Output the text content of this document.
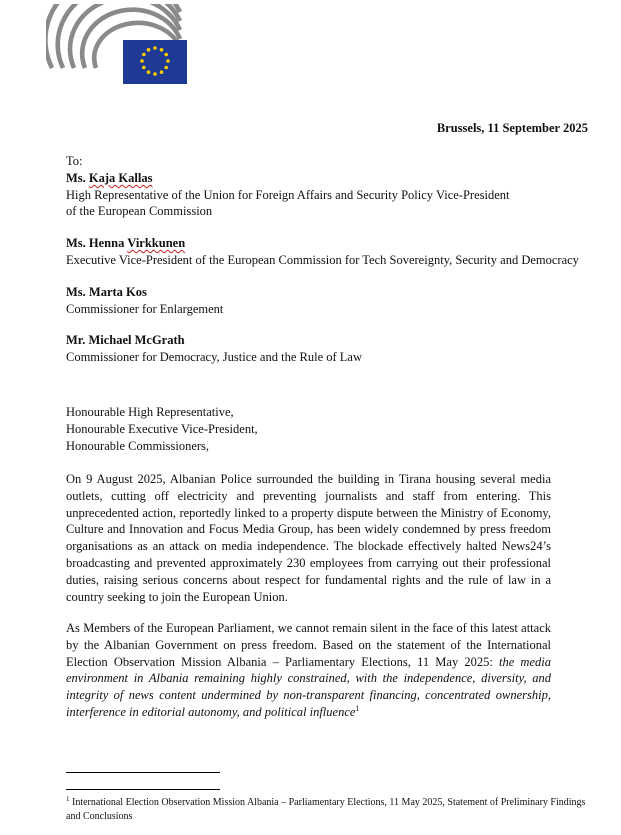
Brussels, 11 September 2025
To:
Ms. Kaja Kallas
High Representative of the Union for Foreign Affairs and Security Policy Vice-President
of the European Commission
Ms. Henna Virkkunen
Executive Vice-President of the European Commission for Tech Sovereignty, Security and Democracy
Ms. Marta Kos
Commissioner for Enlargement
Mr. Michael McGrath
Commissioner for Democracy, Justice and the Rule of Law
Honourable High Representative,
Honourable Executive Vice-President,
Honourable Commissioners,

On 9 August 2025, Albanian Police surrounded the building in Tirana housing several media outlets, cutting off electricity and preventing journalists and staff from entering. This unprecedented action, reportedly linked to a property dispute between the Ministry of Economy, Culture and Innovation and Focus Media Group, has been widely condemned by press freedom organisations as an attack on media independence. The blockade effectively halted News24’s broadcasting and prevented approximately 230 employees from carrying out their professional duties, raising serious concerns about respect for fundamental rights and the rule of law in a country seeking to join the European Union.

As Members of the European Parliament, we cannot remain silent in the face of this latest attack by the Albanian Government on press freedom. Based on the statement of the International Election Observation Mission Albania – Parliamentary Elections, 11 May 2025: the media environment in Albania remaining highly constrained, with the independence, diversity, and integrity of news content undermined by non-transparent financing, concentrated ownership, interference in editorial autonomy, and political influence$^1$

$^1$ International Election Observation Mission Albania – Parliamentary Elections, 11 May 2025, Statement of Preliminary Findings and Conclusions
